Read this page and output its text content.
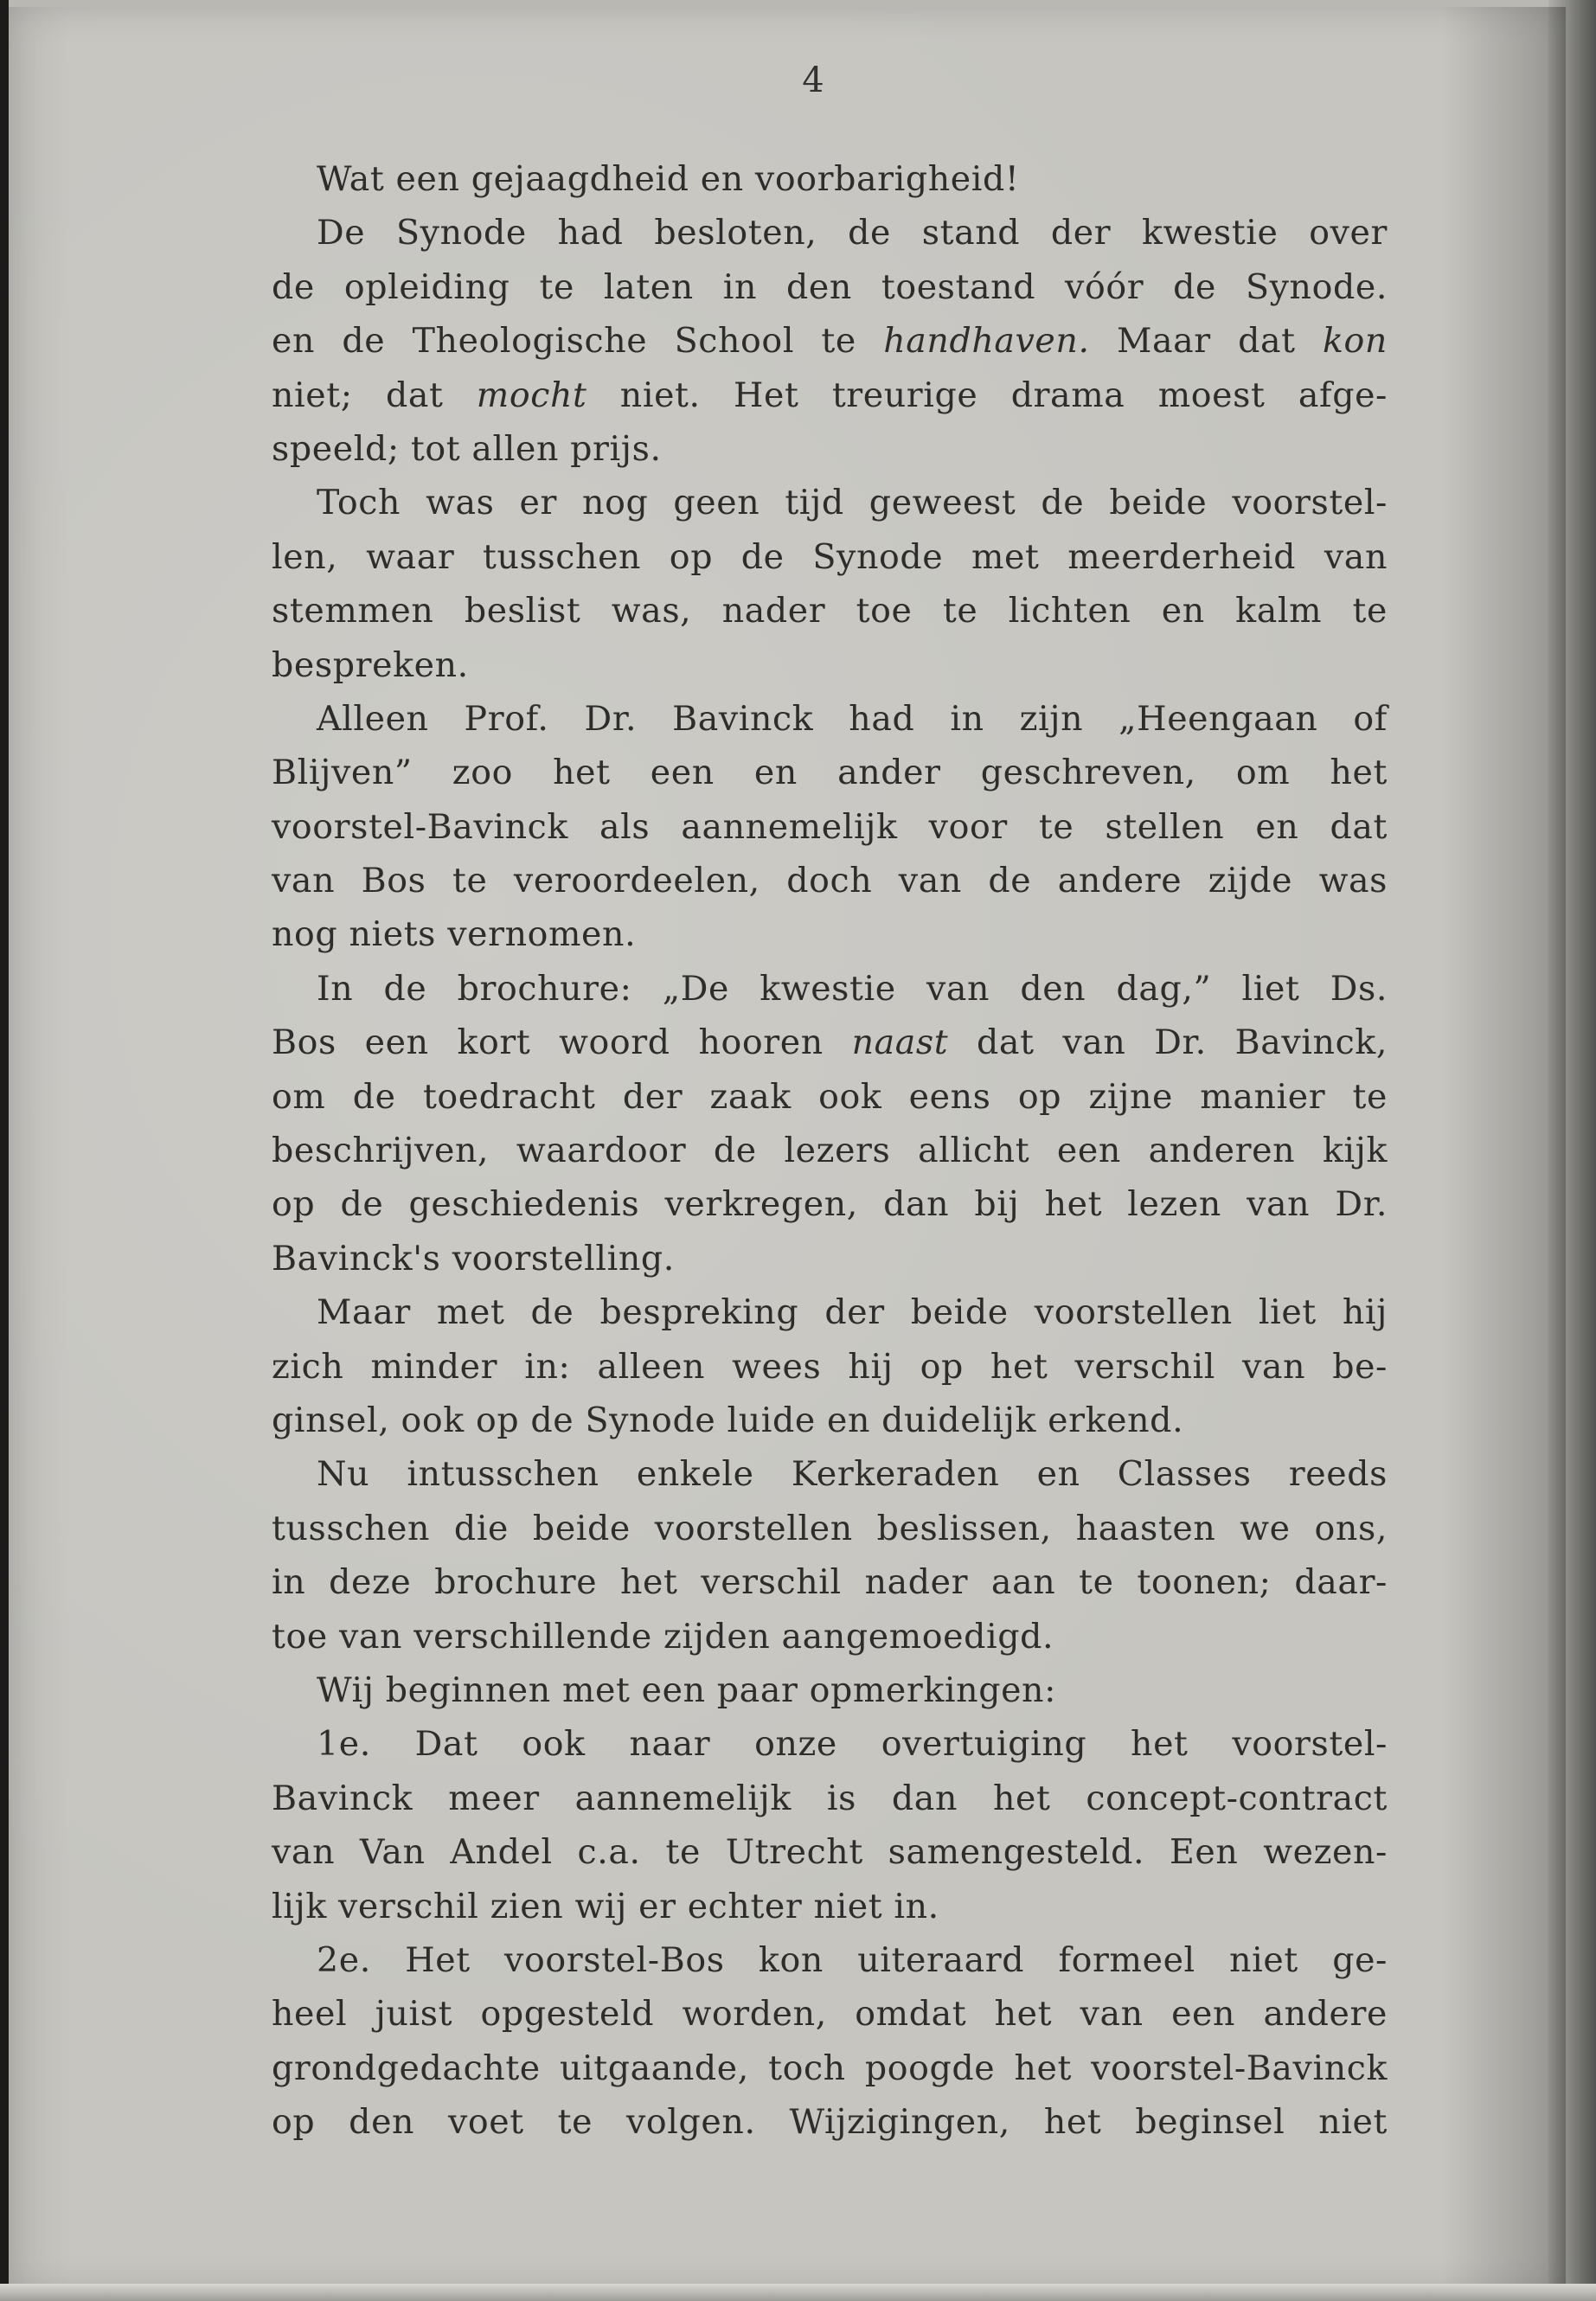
4
Wat een gejaagdheid en voorbarigheid!
De Synode had besloten, de stand der kwestie over
de opleiding te laten in den toestand vóór de Synode.
en de Theologische School te handhaven. Maar dat kon
niet; dat mocht niet. Het treurige drama moest afge-
speeld; tot allen prijs.
Toch was er nog geen tijd geweest de beide voorstel-
len, waar tusschen op de Synode met meerderheid van
stemmen beslist was, nader toe te lichten en kalm te
bespreken.
Alleen Prof. Dr. Bavinck had in zijn „Heengaan of
Blijven” zoo het een en ander geschreven, om het
voorstel-Bavinck als aannemelijk voor te stellen en dat
van Bos te veroordeelen, doch van de andere zijde was
nog niets vernomen.
In de brochure: „De kwestie van den dag,” liet Ds.
Bos een kort woord hooren naast dat van Dr. Bavinck,
om de toedracht der zaak ook eens op zijne manier te
beschrijven, waardoor de lezers allicht een anderen kijk
op de geschiedenis verkregen, dan bij het lezen van Dr.
Bavinck's voorstelling.
Maar met de bespreking der beide voorstellen liet hij
zich minder in: alleen wees hij op het verschil van be-
ginsel, ook op de Synode luide en duidelijk erkend.
Nu intusschen enkele Kerkeraden en Classes reeds
tusschen die beide voorstellen beslissen, haasten we ons,
in deze brochure het verschil nader aan te toonen; daar-
toe van verschillende zijden aangemoedigd.
Wij beginnen met een paar opmerkingen:
1e. Dat ook naar onze overtuiging het voorstel-
Bavinck meer aannemelijk is dan het concept-contract
van Van Andel c.a. te Utrecht samengesteld. Een wezen-
lijk verschil zien wij er echter niet in.
2e. Het voorstel-Bos kon uiteraard formeel niet ge-
heel juist opgesteld worden, omdat het van een andere
grondgedachte uitgaande, toch poogde het voorstel-Bavinck
op den voet te volgen. Wijzigingen, het beginsel niet
